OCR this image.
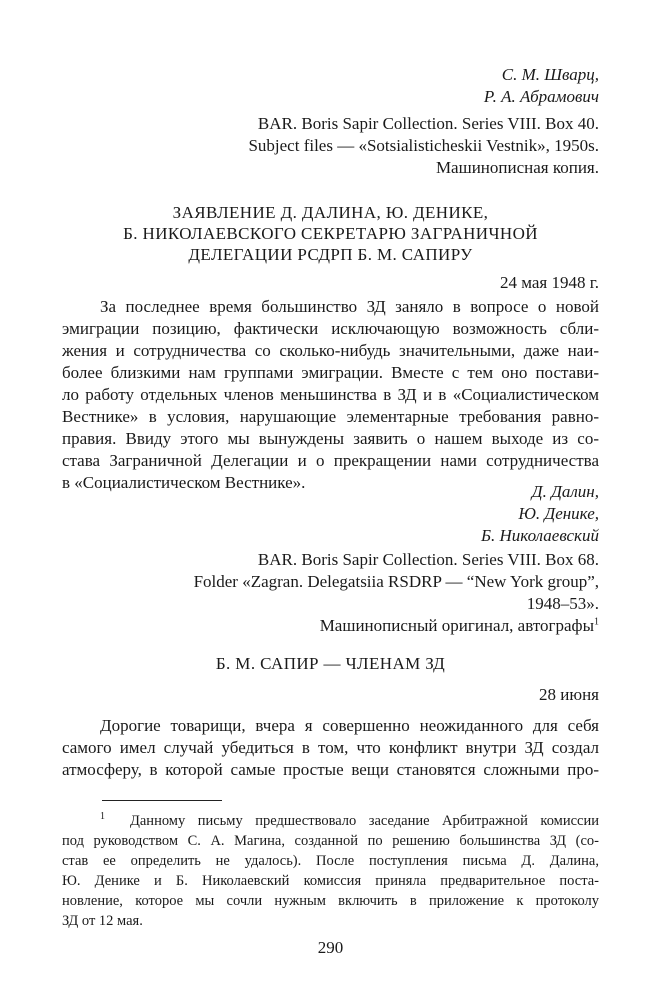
С. М. Шварц,
Р. А. Абрамович
BAR. Boris Sapir Collection. Series VIII. Box 40.
Subject files — «Sotsialisticheskii Vestnik», 1950s.
Машинописная копия.
ЗАЯВЛЕНИЕ Д. ДАЛИНА, Ю. ДЕНИКЕ,
Б. НИКОЛАЕВСКОГО СЕКРЕТАРЮ ЗАГРАНИЧНОЙ
ДЕЛЕГАЦИИ РСДРП Б. М. САПИРУ
24 мая 1948 г.
За последнее время большинство ЗД заняло в вопросе о новой
эмиграции позицию, фактически исключающую возможность сбли-
жения и сотрудничества со сколько-нибудь значительными, даже наи-
более близкими нам группами эмиграции. Вместе с тем оно постави-
ло работу отдельных членов меньшинства в ЗД и в «Социалистическом
Вестнике» в условия, нарушающие элементарные требования равно-
правия. Ввиду этого мы вынуждены заявить о нашем выходе из со-
става Заграничной Делегации и о прекращении нами сотрудничества
в «Социалистическом Вестнике».	Д. Далин,
Ю. Денике,
Б. Николаевский
BAR. Boris Sapir Collection. Series VIII. Box 68.
Folder «Zagran. Delegatsiia RSDRP — “New York group”,
1948–53».
Машинописный оригинал, автографы$^1$
Б. М. САПИР — ЧЛЕНАМ ЗД
28 июня
Дорогие товарищи, вчера я совершенно неожиданного для себя
самого имел случай убедиться в том, что конфликт внутри ЗД создал
атмосферу, в которой самые простые вещи становятся сложными про-
$^1$ Данному письму предшествовало заседание Арбитражной комиссии
под руководством С. А. Магина, созданной по решению большинства ЗД (со-
став ее определить не удалось). После поступления письма Д. Далина,
Ю. Денике и Б. Николаевский комиссия приняла предварительное поста-
новление, которое мы сочли нужным включить в приложение к протоколу
ЗД от 12 мая.
290
